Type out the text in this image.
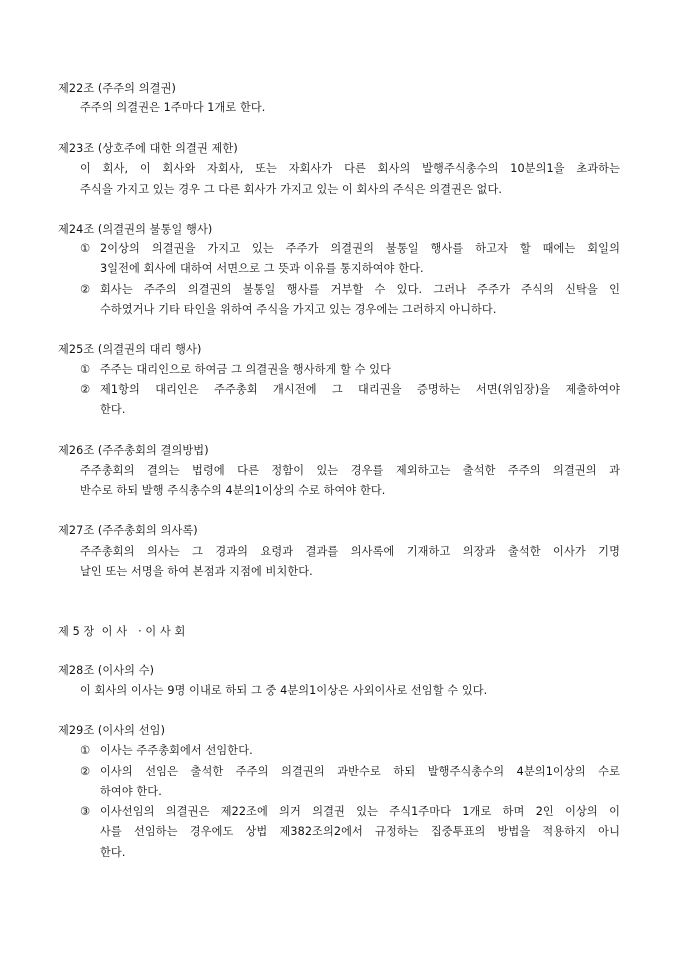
제22조 (주주의 의결권)
주주의 의결권은 1주마다 1개로 한다.
제23조 (상호주에 대한 의결권 제한)
이 회사, 이 회사와 자회사, 또는 자회사가 다른 회사의 발행주식총수의 10분의1을 초과하는
주식을 가지고 있는 경우 그 다른 회사가 가지고 있는 이 회사의 주식은 의결권은 없다.
제24조 (의결권의 불통일 행사)
① 2이상의 의결권을 가지고 있는 주주가 의결권의 불통일 행사를 하고자 할 때에는 회일의
3일전에 회사에 대하여 서면으로 그 뜻과 이유를 통지하여야 한다.
② 회사는 주주의 의결권의 불통일 행사를 거부할 수 있다. 그러나 주주가 주식의 신탁을 인
수하였거나 기타 타인을 위하여 주식을 가지고 있는 경우에는 그러하지 아니하다.
제25조 (의결권의 대리 행사)
① 주주는 대리인으로 하여금 그 의결권을 행사하게 할 수 있다
② 제1항의 대리인은 주주총회 개시전에 그 대리권을 증명하는 서면(위임장)을 제출하여야
한다.
제26조 (주주총회의 결의방법)
주주총회의 결의는 법령에 다른 정함이 있는 경우를 제외하고는 출석한 주주의 의결권의 과
반수로 하되 발행 주식총수의 4분의1이상의 수로 하여야 한다.
제27조 (주주총회의 의사록)
주주총회의 의사는 그 경과의 요령과 결과를 의사록에 기재하고 의장과 출석한 이사가 기명
날인 또는 서명을 하여 본점과 지점에 비치한다.
제 5 장  이 사   · 이 사 회
제28조 (이사의 수)
이 회사의 이사는 9명 이내로 하되 그 중 4분의1이상은 사외이사로 선임할 수 있다.
제29조 (이사의 선임)
① 이사는 주주총회에서 선임한다.
② 이사의 선임은 출석한 주주의 의결권의 과반수로 하되 발행주식총수의 4분의1이상의 수로
하여야 한다.
③ 이사선임의 의결권은 제22조에 의거 의결권 있는 주식1주마다 1개로 하며 2인 이상의 이
사를 선임하는 경우에도 상법 제382조의2에서 규정하는 집중투표의 방법을 적용하지 아니
한다.
